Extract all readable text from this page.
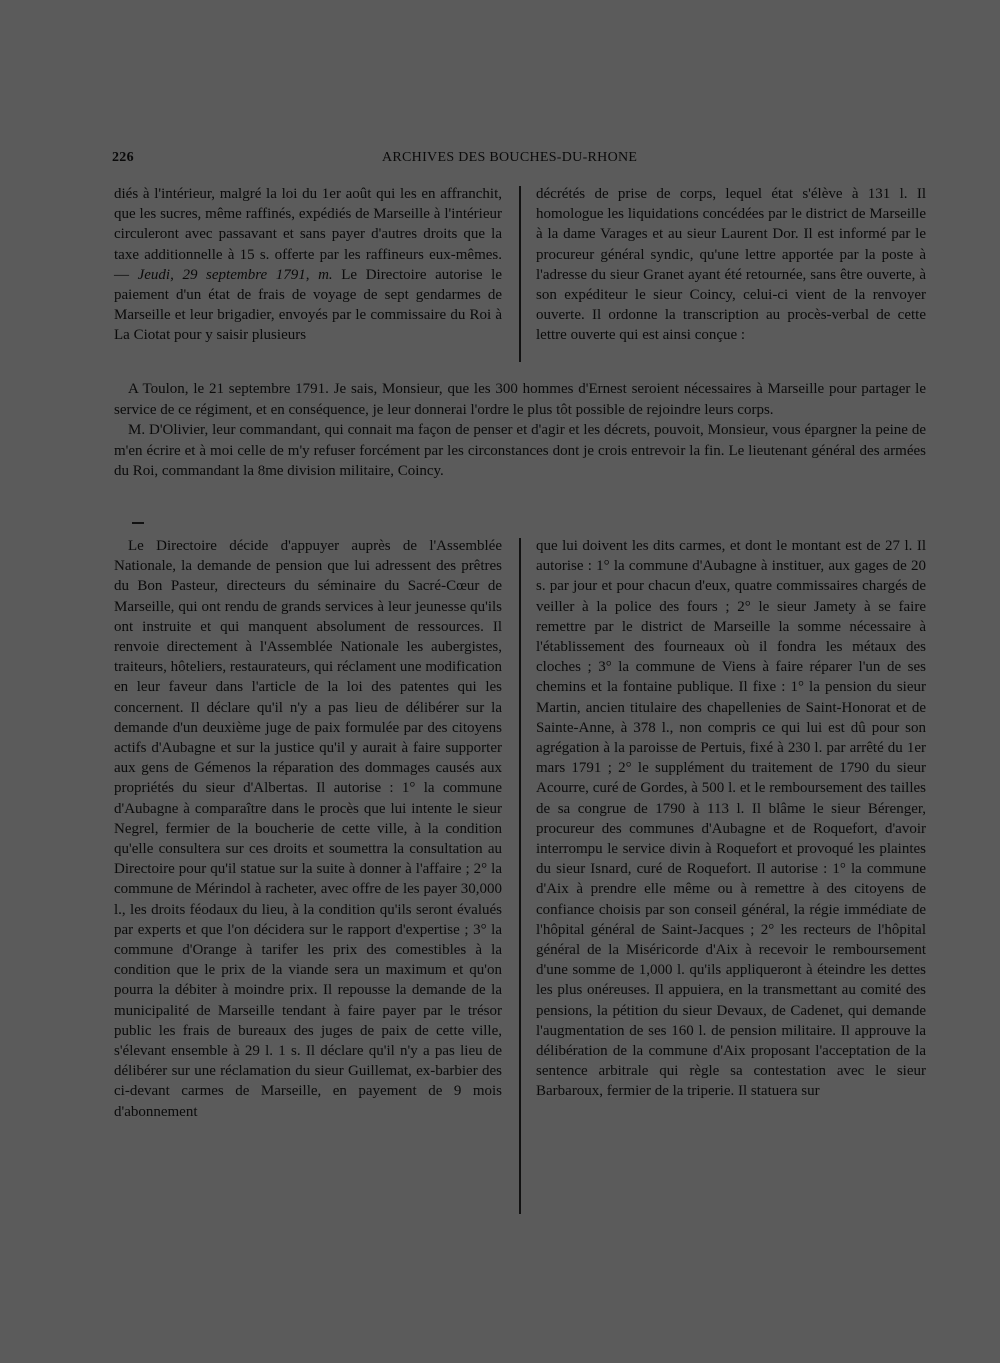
226	ARCHIVES DES BOUCHES-DU-RHONE

diés à l'intérieur, malgré la loi du 1er août qui les en affranchit, que les sucres, même raffinés, expédiés de Marseille à l'intérieur circuleront avec passavant et sans payer d'autres droits que la taxe additionnelle à 15 s. offerte par les raffineurs eux-mêmes. — Jeudi, 29 septembre 1791, m. Le Directoire autorise le paiement d'un état de frais de voyage de sept gendarmes de Marseille et leur brigadier, envoyés par le commissaire du Roi à La Ciotat pour y saisir plusieurs

décrétés de prise de corps, lequel état s'élève à 131 l. Il homologue les liquidations concédées par le district de Marseille à la dame Varages et au sieur Laurent Dor. Il est informé par le procureur général syndic, qu'une lettre apportée par la poste à l'adresse du sieur Granet ayant été retournée, sans être ouverte, à son expéditeur le sieur Coincy, celui-ci vient de la renvoyer ouverte. Il ordonne la transcription au procès-verbal de cette lettre ouverte qui est ainsi conçue :

A Toulon, le 21 septembre 1791. Je sais, Monsieur, que les 300 hommes d'Ernest seroient nécessaires à Marseille pour partager le service de ce régiment, et en conséquence, je leur donnerai l'ordre le plus tôt possible de rejoindre leurs corps.

M. D'Olivier, leur commandant, qui connait ma façon de penser et d'agir et les décrets, pouvoit, Monsieur, vous épargner la peine de m'en écrire et à moi celle de m'y refuser forcément par les circonstances dont je crois entrevoir la fin. Le lieutenant général des armées du Roi, commandant la 8me division militaire, Coincy.

Le Directoire décide d'appuyer auprès de l'Assemblée Nationale, la demande de pension que lui adressent des prêtres du Bon Pasteur, directeurs du séminaire du Sacré-Cœur de Marseille, qui ont rendu de grands services à leur jeunesse qu'ils ont instruite et qui manquent absolument de ressources. Il renvoie directement à l'Assemblée Nationale les aubergistes, traiteurs, hôteliers, restaurateurs, qui réclament une modification en leur faveur dans l'article de la loi des patentes qui les concernent. Il déclare qu'il n'y a pas lieu de délibérer sur la demande d'un deuxième juge de paix formulée par des citoyens actifs d'Aubagne et sur la justice qu'il y aurait à faire supporter aux gens de Gémenos la réparation des dommages causés aux propriétés du sieur d'Albertas. Il autorise : 1° la commune d'Aubagne à comparaître dans le procès que lui intente le sieur Negrel, fermier de la boucherie de cette ville, à la condition qu'elle consultera sur ces droits et soumettra la consultation au Directoire pour qu'il statue sur la suite à donner à l'affaire ; 2° la commune de Mérindol à racheter, avec offre de les payer 30,000 l., les droits féodaux du lieu, à la condition qu'ils seront évalués par experts et que l'on décidera sur le rapport d'expertise ; 3° la commune d'Orange à tarifer les prix des comestibles à la condition que le prix de la viande sera un maximum et qu'on pourra la débiter à moindre prix. Il repousse la demande de la municipalité de Marseille tendant à faire payer par le trésor public les frais de bureaux des juges de paix de cette ville, s'élevant ensemble à 29 l. 1 s. Il déclare qu'il n'y a pas lieu de délibérer sur une réclamation du sieur Guillemat, ex-barbier des ci-devant carmes de Marseille, en payement de 9 mois d'abonnement

que lui doivent les dits carmes, et dont le montant est de 27 l. Il autorise : 1° la commune d'Aubagne à instituer, aux gages de 20 s. par jour et pour chacun d'eux, quatre commissaires chargés de veiller à la police des fours ; 2° le sieur Jamety à se faire remettre par le district de Marseille la somme nécessaire à l'établissement des fourneaux où il fondra les métaux des cloches ; 3° la commune de Viens à faire réparer l'un de ses chemins et la fontaine publique. Il fixe : 1° la pension du sieur Martin, ancien titulaire des chapellenies de Saint-Honorat et de Sainte-Anne, à 378 l., non compris ce qui lui est dû pour son agrégation à la paroisse de Pertuis, fixé à 230 l. par arrêté du 1er mars 1791 ; 2° le supplément du traitement de 1790 du sieur Acourre, curé de Gordes, à 500 l. et le remboursement des tailles de sa congrue de 1790 à 113 l. Il blâme le sieur Bérenger, procureur des communes d'Aubagne et de Roquefort, d'avoir interrompu le service divin à Roquefort et provoqué les plaintes du sieur Isnard, curé de Roquefort. Il autorise : 1° la commune d'Aix à prendre elle même ou à remettre à des citoyens de confiance choisis par son conseil général, la régie immédiate de l'hôpital général de Saint-Jacques ; 2° les recteurs de l'hôpital général de la Miséricorde d'Aix à recevoir le remboursement d'une somme de 1,000 l. qu'ils appliqueront à éteindre les dettes les plus onéreuses. Il appuiera, en la transmettant au comité des pensions, la pétition du sieur Devaux, de Cadenet, qui demande l'augmentation de ses 160 l. de pension militaire. Il approuve la délibération de la commune d'Aix proposant l'acceptation de la sentence arbitrale qui règle sa contestation avec le sieur Barbaroux, fermier de la triperie. Il statuera sur
